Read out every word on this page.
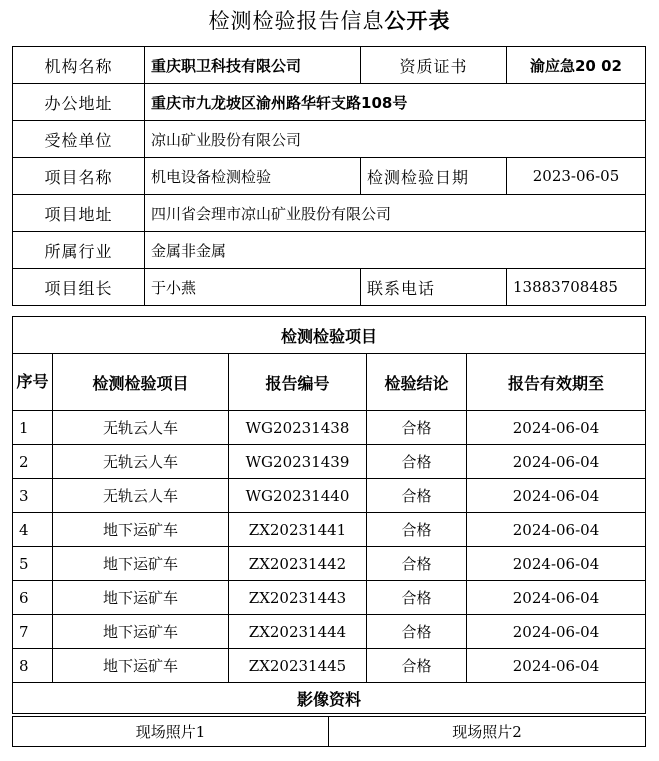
检测检验报告信息公开表
机构名称	重庆职卫科技有限公司	资质证书	渝应急20 02
办公地址	重庆市九龙坡区渝州路华轩支路108号		
受检单位	凉山矿业股份有限公司		
项目名称	机电设备检测检验	检测检验日期	2023-06-05
项目地址	四川省会理市凉山矿业股份有限公司		
所属行业	金属非金属		
项目组长	于小燕	联系电话	13883708485
检测检验项目				
序号	检测检验项目	报告编号	检验结论	报告有效期至
1	无轨云人车	WG20231438	合格	2024-06-04
2	无轨云人车	WG20231439	合格	2024-06-04
3	无轨云人车	WG20231440	合格	2024-06-04
4	地下运矿车	ZX20231441	合格	2024-06-04
5	地下运矿车	ZX20231442	合格	2024-06-04
6	地下运矿车	ZX20231443	合格	2024-06-04
7	地下运矿车	ZX20231444	合格	2024-06-04
8	地下运矿车	ZX20231445	合格	2024-06-04
影像资料				
现场照片1	现场照片2
